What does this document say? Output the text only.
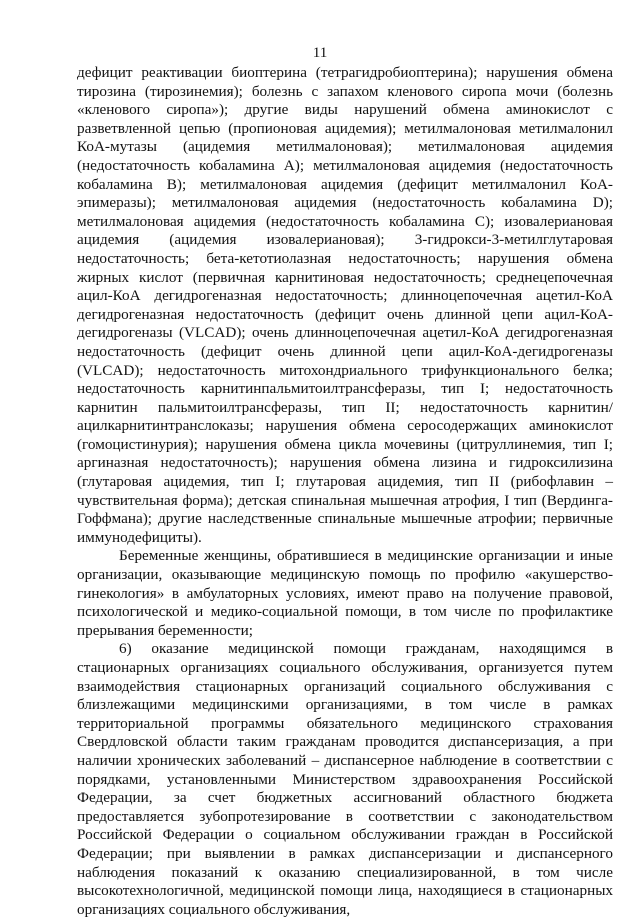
11

дефицит реактивации биоптерина (тетрагидробиоптерина); нарушения обмена тирозина (тирозинемия); болезнь с запахом кленового сиропа мочи (болезнь «кленового сиропа»); другие виды нарушений обмена аминокислот с разветвленной цепью (пропионовая ацидемия); метилмалоновая метилмалонил КоА-мутазы (ацидемия метилмалоновая); метилмалоновая ацидемия (недостаточность кобаламина А); метилмалоновая ацидемия (недостаточность кобаламина В); метилмалоновая ацидемия (дефицит метилмалонил КоА-эпимеразы); метилмалоновая ацидемия (недостаточность кобаламина D); метилмалоновая ацидемия (недостаточность кобаламина С); изовалериановая ацидемия (ацидемия изовалериановая); 3-гидрокси-3-метилглутаровая недостаточность; бета-кетотиолазная недостаточность; нарушения обмена жирных кислот (первичная карнитиновая недостаточность; среднецепочечная ацил-КоА дегидрогеназная недостаточность; длинноцепочечная ацетил-КоА дегидрогеназная недостаточность (дефицит очень длинной цепи ацил-КоА-дегидрогеназы (VLCAD); очень длинноцепочечная ацетил-КоА дегидрогеназная недостаточность (дефицит очень длинной цепи ацил-КоА-дегидрогеназы (VLCAD); недостаточность митохондриального трифункционального белка; недостаточность карнитинпальмитоилтрансферазы, тип I; недостаточность карнитин пальмитоилтрансферазы, тип II; недостаточность карнитин/ацилкарнитинтранслоказы; нарушения обмена серосодержащих аминокислот (гомоцистинурия); нарушения обмена цикла мочевины (цитруллинемия, тип I; аргиназная недостаточность); нарушения обмена лизина и гидроксилизина (глутаровая ацидемия, тип I; глутаровая ацидемия, тип II (рибофлавин – чувствительная форма); детская спинальная мышечная атрофия, I тип (Вердинга-Гоффмана); другие наследственные спинальные мышечные атрофии; первичные иммунодефициты).

Беременные женщины, обратившиеся в медицинские организации и иные организации, оказывающие медицинскую помощь по профилю «акушерство-гинекология» в амбулаторных условиях, имеют право на получение правовой, психологической и медико-социальной помощи, в том числе по профилактике прерывания беременности;

6) оказание медицинской помощи гражданам, находящимся в стационарных организациях социального обслуживания, организуется путем взаимодействия стационарных организаций социального обслуживания с близлежащими медицинскими организациями, в том числе в рамках территориальной программы обязательного медицинского страхования Свердловской области таким гражданам проводится диспансеризация, а при наличии хронических заболеваний – диспансерное наблюдение в соответствии с порядками, установленными Министерством здравоохранения Российской Федерации, за счет бюджетных ассигнований областного бюджета предоставляется зубопротезирование в соответствии с законодательством Российской Федерации о социальном обслуживании граждан в Российской Федерации; при выявлении в рамках диспансеризации и диспансерного наблюдения показаний к оказанию специализированной, в том числе высокотехнологичной, медицинской помощи лица, находящиеся в стационарных организациях социального обслуживания,
